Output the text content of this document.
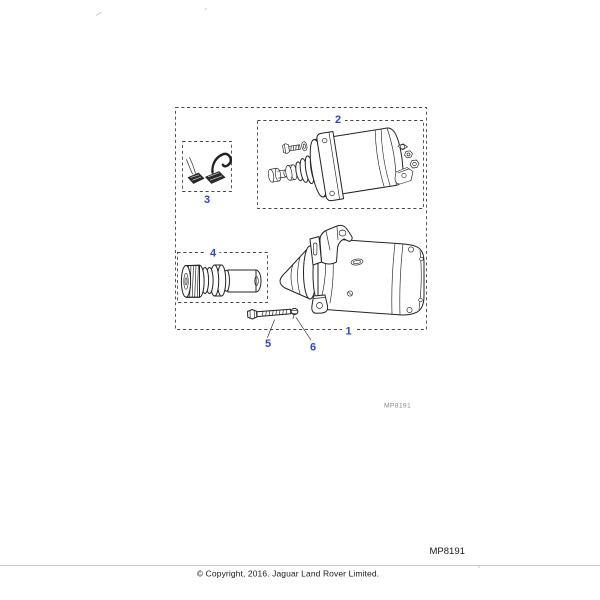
1
2
3
4
5	6
MP8191
MP8191
© Copyright, 2016. Jaguar Land Rover Limited.
